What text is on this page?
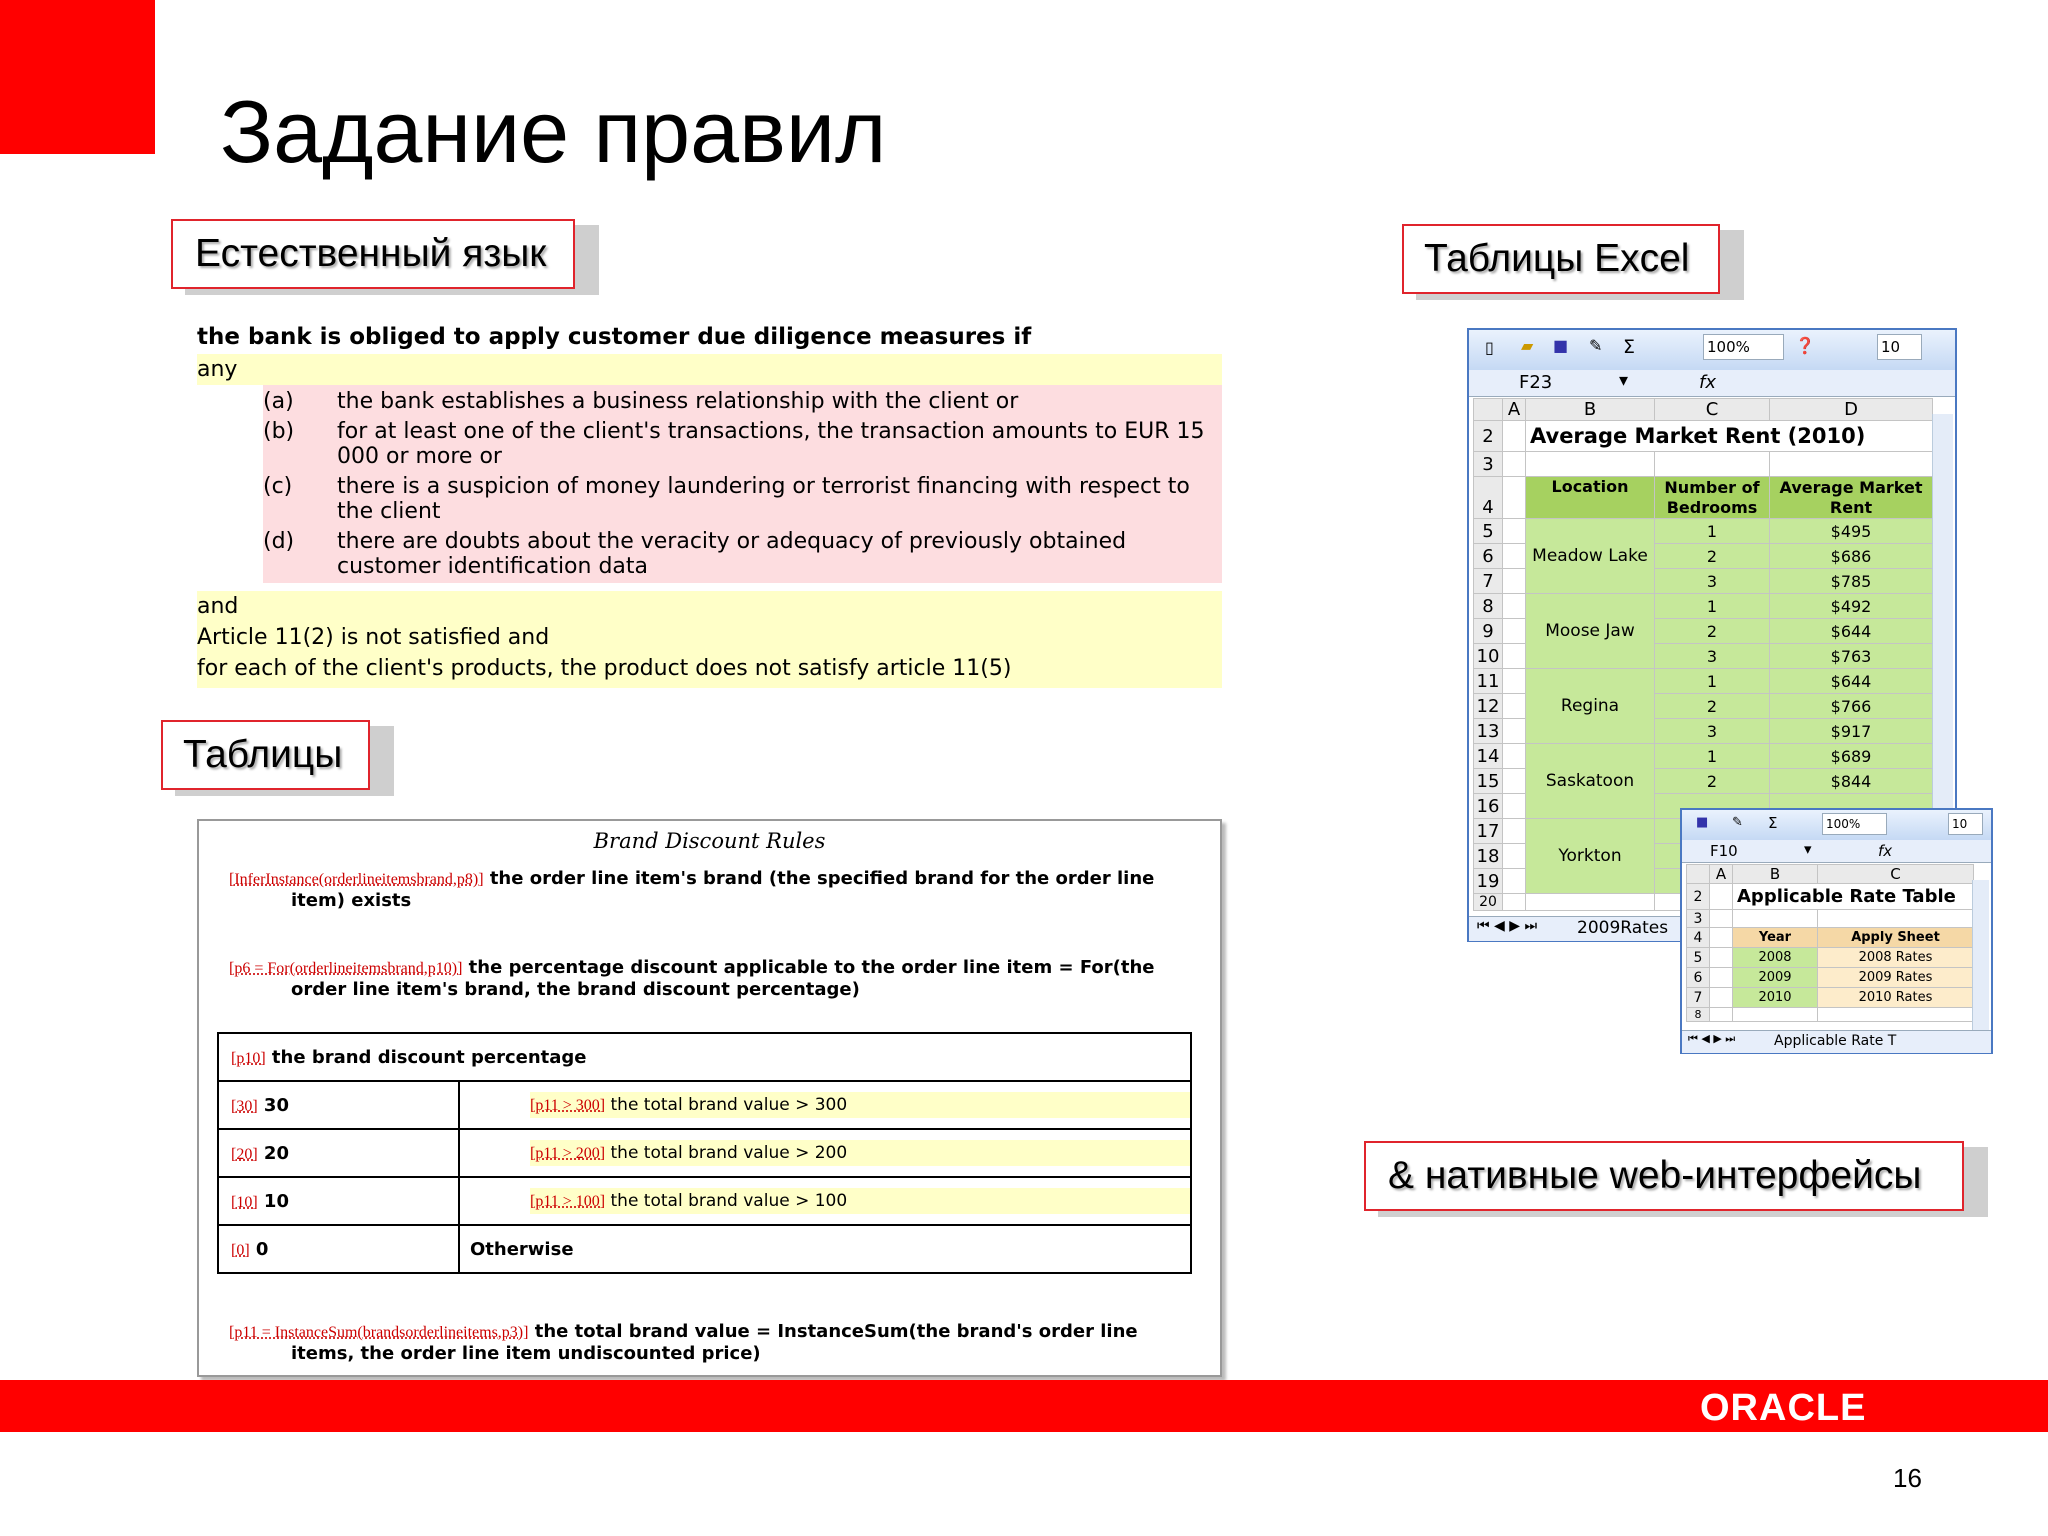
Задание правил
Естественный язык
the bank is obliged to apply customer due diligence measures if
any
(a)	the bank establishes a business relationship with the client or
(b)	for at least one of the client's transactions, the transaction amounts to EUR 15 000 or more or
(c)	there is a suspicion of money laundering or terrorist financing with respect to the client
(d)	there are doubts about the veracity or adequacy of previously obtained customer identification data
and
Article 11(2) is not satisfied and
for each of the client's products, the product does not satisfy article 11(5)
Таблицы
Brand Discount Rules
[InferInstance(orderlineitemsbrand,p8)] the order line item's brand (the specified brand for the order line
item) exists
[p6 = For(orderlineitemsbrand,p10)] the percentage discount applicable to the order line item = For(the
order line item's brand, the brand discount percentage)
[p10] the brand discount percentage	
[30] 30	[p11 > 300] the total brand value > 300

[20] 20	[p11 > 200] the total brand value > 200

[10] 10	[p11 > 100] the total brand value > 100

[0] 0	Otherwise
[p11 = InstanceSum(brandsorderlineitems,p3)] the total brand value = InstanceSum(the brand's order line
items, the order line item undiscounted price)
Таблицы Excel
▯ ▰ ■ ✎ Σ	100%	❓	10
F23	▾	fx
	A	B	C	D
2		Average Market Rent (2010)		
3				
4		Location	Number of Bedrooms	Average Market Rent
5		Meadow Lake	1	$495
6			2	$686
7			3	$785
8		Moose Jaw	1	$492
9			2	$644
10			3	$763
11		Regina	1	$644
12			2	$766
13			3	$917
14		Saskatoon	1	$689
15			2	$844
16				
17		Yorkton		
18				
19				
20				
⏮ ◀ ▶ ⏭ 2009Rates
■ ✎ Σ	100%	10
F10	▾	fx
	A	B	C
2		Applicable Rate Table	
3			
4		Year	Apply Sheet
5		2008	2008 Rates
6		2009	2009 Rates
7		2010	2010 Rates
8			
⏮ ◀ ▶ ⏭	Applicable Rate T
& нативные web-интерфейсы
ORACLE
16
